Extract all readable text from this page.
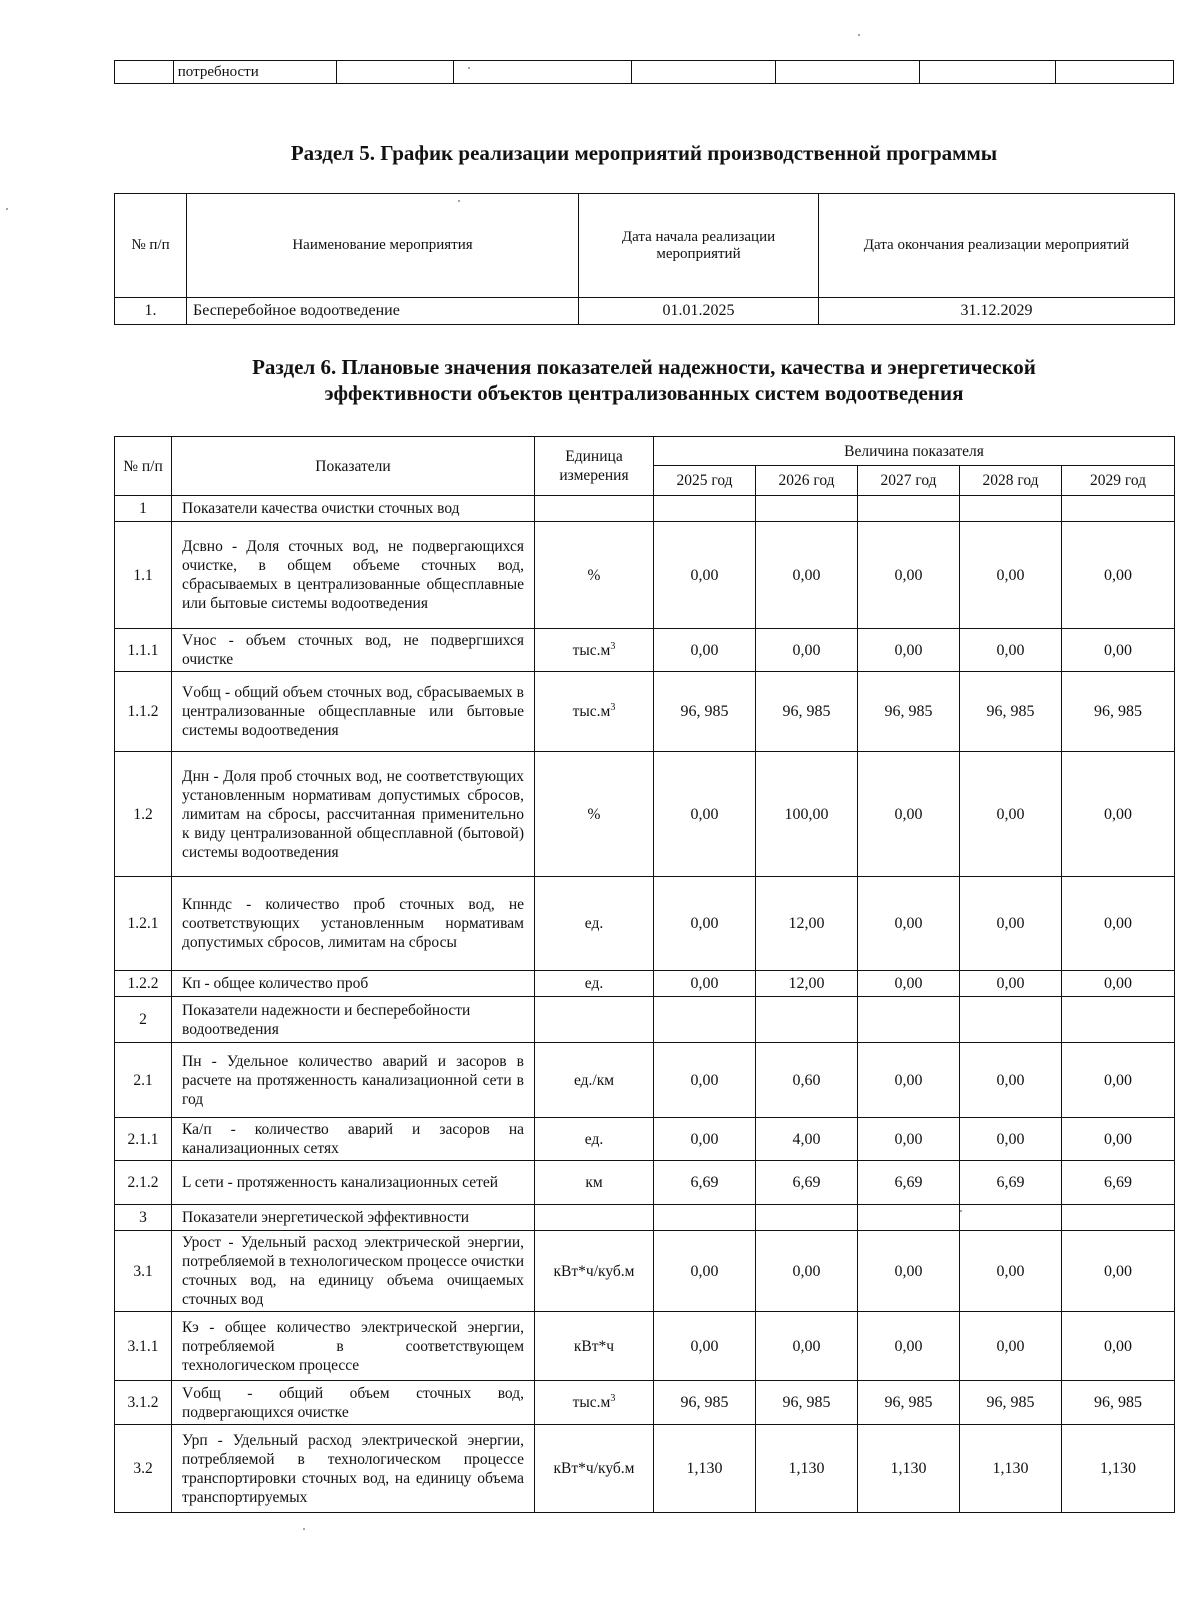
	потребности						
Раздел 5. График реализации мероприятий производственной программы
№ п/п	Наименование мероприятия	Дата начала реализации мероприятий	Дата окончания реализации мероприятий
1.	Бесперебойное водоотведение	01.01.2025	31.12.2029
Раздел 6. Плановые значения показателей надежности, качества и энергетической
эффективности объектов централизованных систем водоотведения
№ п/п	Показатели	Единица измерения	Величина показателя				
			2025 год	2026 год	2027 год	2028 год	2029 год
1	Показатели качества очистки сточных вод						
1.1	Дсвно - Доля сточных вод, не подвергающихся очистке, в общем объеме сточных вод, сбрасываемых в централизованные общесплавные или бытовые системы водоотведения	%	0,00	0,00	0,00	0,00	0,00
1.1.1	Vнос - объем сточных вод, не подвергшихся очистке	$тыс.м^3$	0,00	0,00	0,00	0,00	0,00
1.1.2	Vобщ - общий объем сточных вод, сбрасываемых в централизованные общесплавные или бытовые системы водоотведения	$тыс.м^3$	96, 985	96, 985	96, 985	96, 985	96, 985
1.2	Днн - Доля проб сточных вод, не соответствующих установленным нормативам допустимых сбросов, лимитам на сбросы, рассчитанная применительно к виду централизованной общесплавной (бытовой) системы водоотведения	%	0,00	100,00	0,00	0,00	0,00
1.2.1	Кпнндс - количество проб сточных вод, не соответствующих установленным нормативам допустимых сбросов, лимитам на сбросы	ед.	0,00	12,00	0,00	0,00	0,00
1.2.2	Кп - общее количество проб	ед.	0,00	12,00	0,00	0,00	0,00
2	Показатели надежности и бесперебойности водоотведения						
2.1	Пн - Удельное количество аварий и засоров в расчете на протяженность канализационной сети в год	ед./км	0,00	0,60	0,00	0,00	0,00
2.1.1	Ка/п - количество аварий и засоров на канализационных сетях	ед.	0,00	4,00	0,00	0,00	0,00
2.1.2	L сети - протяженность канализационных сетей	км	6,69	6,69	6,69	6,69	6,69
3	Показатели энергетической эффективности						
3.1	Урост - Удельный расход электрической энергии, потребляемой в технологическом процессе очистки сточных вод, на единицу объема очищаемых сточных вод	кВт*ч/куб.м	0,00	0,00	0,00	0,00	0,00
3.1.1	Кэ - общее количество электрической энергии, потребляемой в соответствующем технологическом процессе	кВт*ч	0,00	0,00	0,00	0,00	0,00
3.1.2	Vобщ - общий объем сточных вод, подвергающихся очистке	$тыс.м^3$	96, 985	96, 985	96, 985	96, 985	96, 985
3.2	Урп - Удельный расход электрической энергии, потребляемой в технологическом процессе транспортировки сточных вод, на единицу объема транспортируемых	кВт*ч/куб.м	1,130	1,130	1,130	1,130	1,130
